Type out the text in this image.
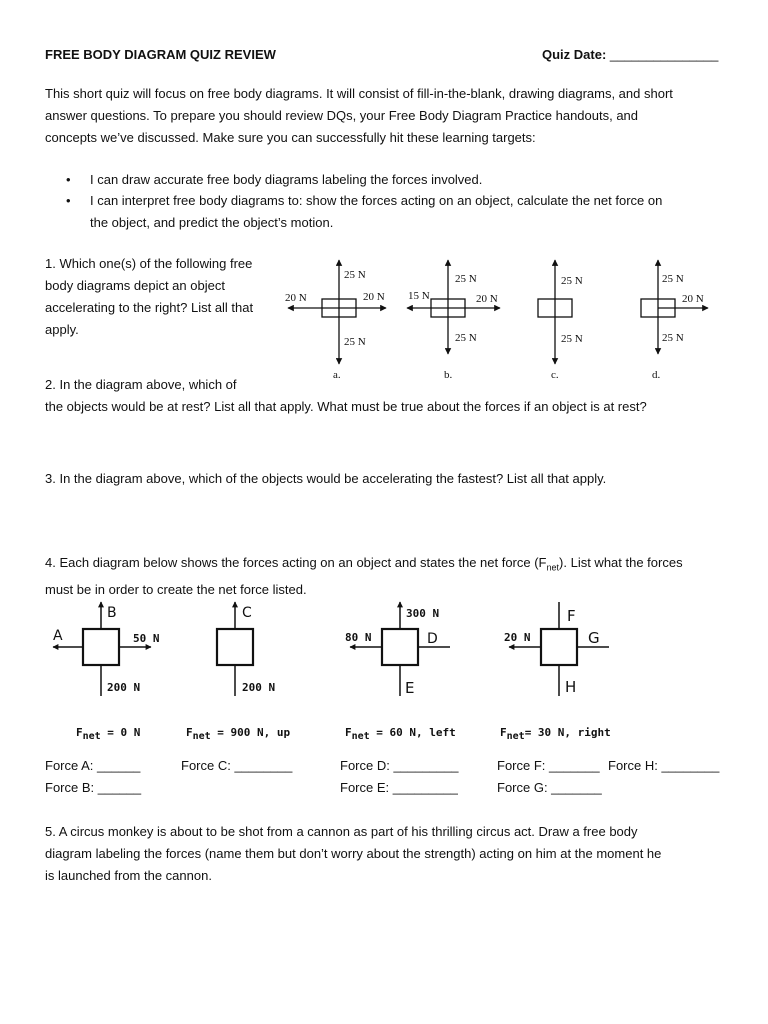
FREE BODY DIAGRAM QUIZ REVIEW	Quiz Date: _______________
This short quiz will focus on free body diagrams. It will consist of fill-in-the-blank, drawing diagrams, and short
answer questions. To prepare you should review DQs, your Free Body Diagram Practice handouts, and
concepts we’ve discussed. Make sure you can successfully hit these learning targets:
I can draw accurate free body diagrams labeling the forces involved.
I can interpret free body diagrams to: show the forces acting on an object, calculate the net force on
the object, and predict the object’s motion.
1. Which one(s) of the following free
body diagrams depict an object
accelerating to the right? List all that
apply.
25 N
25 N
20 N	20 N
a.
25 N
25 N
15 N	20 N
b.
25 N
25 N
c.
25 N
25 N
20 N
d.
2. In the diagram above, which of
the objects would be at rest? List all that apply. What must be true about the forces if an object is at rest?
3. In the diagram above, which of the objects would be accelerating the fastest? List all that apply.
4. Each diagram below shows the forces acting on an object and states the net force $(F_{net})$. List what the forces
must be in order to create the net force listed.
B
200 N
A	50 N
C
200 N
300 N
E
80 N	D
F
H
20 N	G
$F_{net} = 0$ N	$F_{net} = 900$ N, up	$F_{net} = 60$ N, left	$F_{net}= 30$ N, right
Force A: ______
Force B: ______
Force C: ________	Force D: _________
Force E: _________
Force F: _______ Force H: ________
Force G: _______
5. A circus monkey is about to be shot from a cannon as part of his thrilling circus act. Draw a free body
diagram labeling the forces (name them but don’t worry about the strength) acting on him at the moment he
is launched from the cannon.
